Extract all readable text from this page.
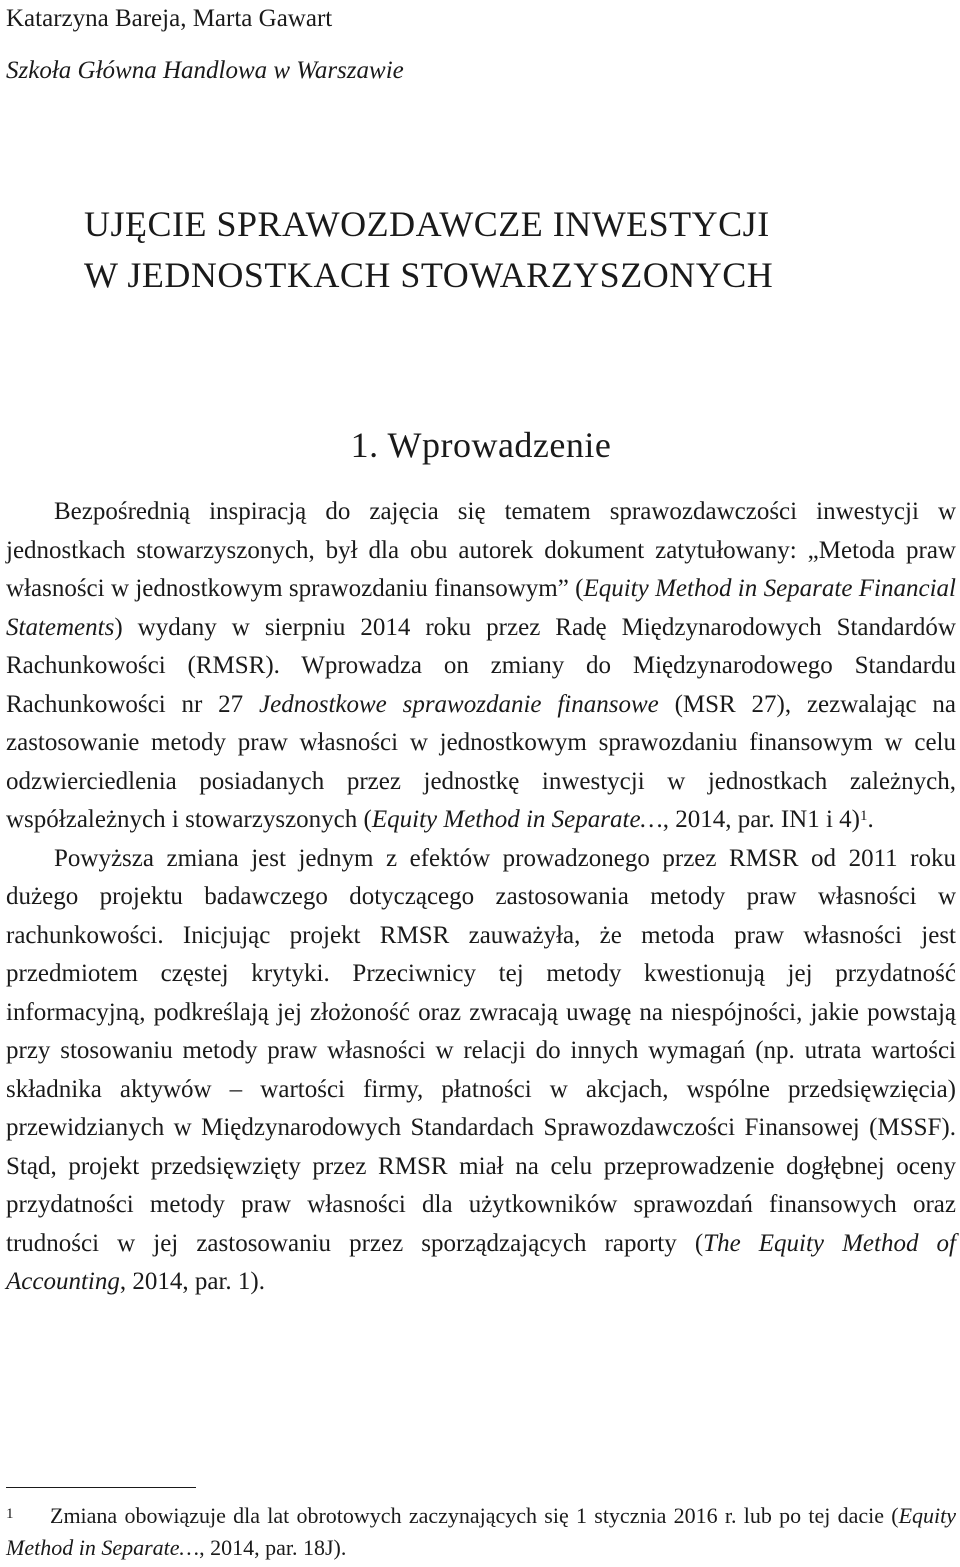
Katarzyna Bareja, Marta Gawart
Szkoła Główna Handlowa w Warszawie
UJĘCIE SPRAWOZDAWCZE INWESTYCJI
W JEDNOSTKACH STOWARZYSZONYCH
1. Wprowadzenie

Bezpośrednią inspiracją do zajęcia się tematem sprawozdawczości inwestycji w jednostkach stowarzyszonych, był dla obu autorek dokument zatytułowany: „Metoda praw własności w jednostkowym sprawozdaniu finansowym” (Equity Method in Separate Financial Statements) wydany w sierpniu 2014 roku przez Radę Międzynarodowych Standardów Rachunkowości (RMSR). Wprowadza on zmiany do Międzynarodowego Standardu Rachunkowości nr 27 Jednostkowe sprawozdanie finansowe (MSR 27), zezwalając na zastosowanie metody praw własności w jednostkowym sprawozdaniu finansowym w celu odzwierciedlenia posiadanych przez jednostkę inwestycji w jednostkach zależnych, współzależnych i stowarzyszonych (Equity Method in Separate…, 2014, par. IN1 i 4)$^1$.

Powyższa zmiana jest jednym z efektów prowadzonego przez RMSR od 2011 roku dużego projektu badawczego dotyczącego zastosowania metody praw własności w rachunkowości. Inicjując projekt RMSR zauważyła, że metoda praw własności jest przedmiotem częstej krytyki. Przeciwnicy tej metody kwestionują jej przydatność informacyjną, podkreślają jej złożoność oraz zwracają uwagę na niespójności, jakie powstają przy stosowaniu metody praw własności w relacji do innych wymagań (np. utrata wartości składnika aktywów – wartości firmy, płatności w akcjach, wspólne przedsięwzięcia) przewidzianych w Międzynarodowych Standardach Sprawozdawczości Finansowej (MSSF). Stąd, projekt przedsięwzięty przez RMSR miał na celu przeprowadzenie dogłębnej oceny przydatności metody praw własności dla użytkowników sprawozdań finansowych oraz trudności w jej zastosowaniu przez sporządzających raporty (The Equity Method of Accounting, 2014, par. 1).

1 Zmiana obowiązuje dla lat obrotowych zaczynających się 1 stycznia 2016 r. lub po tej dacie (Equity Method in Separate…, 2014, par. 18J).
